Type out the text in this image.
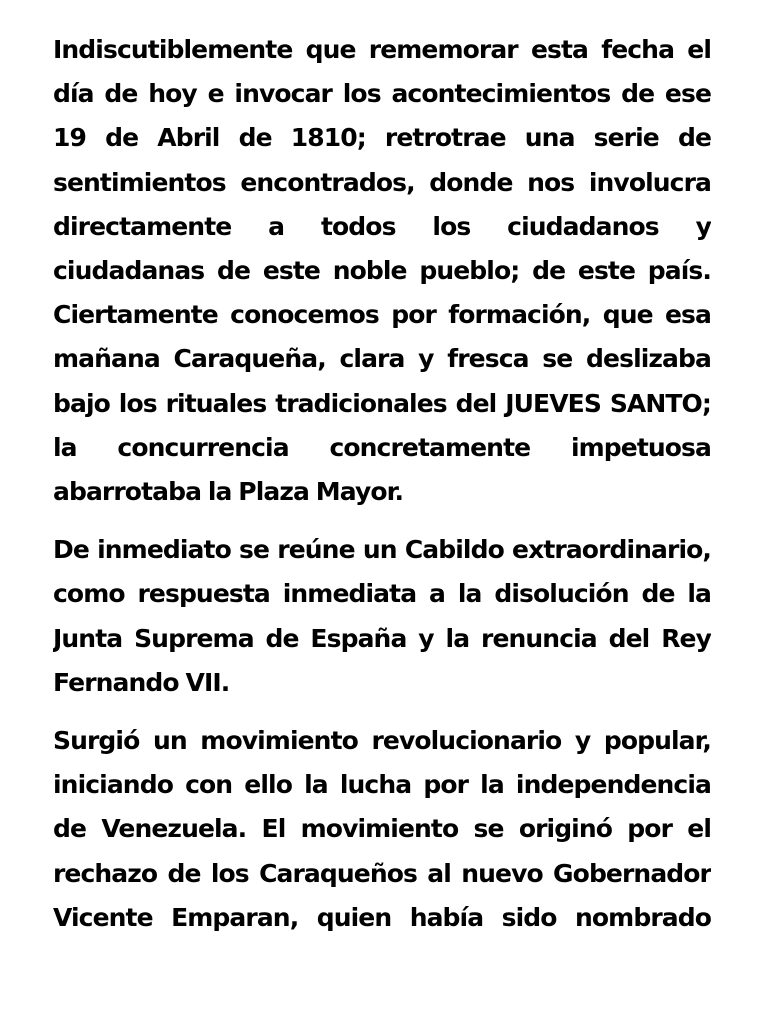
Indiscutiblemente que rememorar esta fecha el día de hoy e invocar los acontecimientos de ese 19 de Abril de 1810; retrotrae una serie de sentimientos encontrados, donde nos involucra directamente a todos los ciudadanos y ciudadanas de este noble pueblo; de este país. Ciertamente conocemos por formación, que esa mañana Caraqueña, clara y fresca se deslizaba bajo los rituales tradicionales del JUEVES SANTO; la concurrencia concretamente impetuosa abarrotaba la Plaza Mayor.

De inmediato se reúne un Cabildo extraordinario, como respuesta inmediata a la disolución de la Junta Suprema de España y la renuncia del Rey Fernando VII.

Surgió un movimiento revolucionario y popular, iniciando con ello la lucha por la independencia de Venezuela. El movimiento se originó por el rechazo de los Caraqueños al nuevo Gobernador Vicente Emparan, quien había sido nombrado
